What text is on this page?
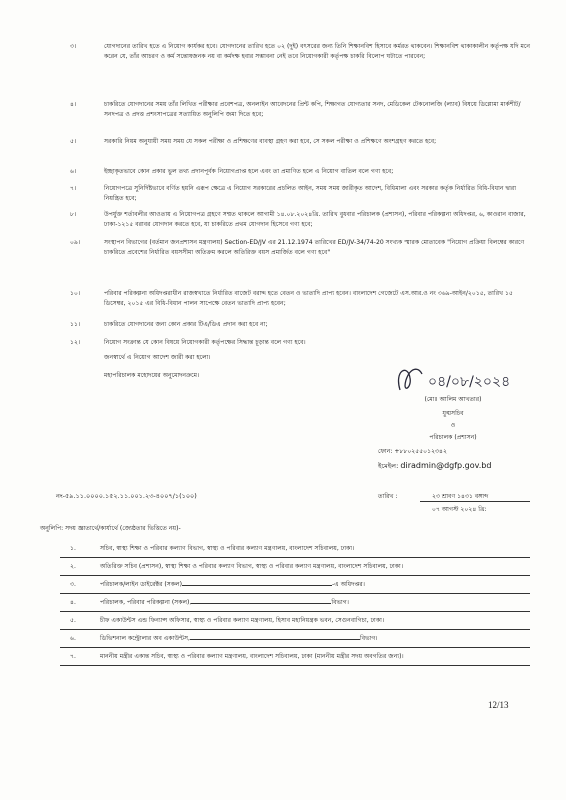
৩।	যোগদানের তারিখ হতে এ নিয়োগ কার্যকর হবে। যোগদানের তারিখ হতে ০২ (দুই) বৎসরের জন্য তিনি শিক্ষানবিশ হিসাবে কর্মরত থাকবেন। শিক্ষানবিশ থাকাকালীন কর্তৃপক্ষ যদি মনে করেন যে, তাঁর আচরণ ও কর্ম সন্তোষজনক নয় বা কর্মদক্ষ হবার সম্ভাবনা নেই তবে নিয়োগকারী কর্তৃপক্ষ চাকরি বিলোপ ঘটাতে পারবেন;
৪।	চাকরিতে যোগদানের সময় তাঁর লিখিত পরীক্ষার প্রবেশপত্র, অনলাইন আবেদনের প্রিন্ট কপি, শিক্ষাগত যোগ্যতার সনদ, মেডিকেল টেকনোলজি (ল্যাব) বিষয়ে ডিপ্লোমা মার্কশীট/সনদপত্র ও প্রদত্ত প্রশংসাপত্রের সত্যায়িত অনুলিপি জমা দিতে হবে;
৫।	সরকারি নিয়ম অনুযায়ী সময় সময় যে সকল পরীক্ষা ও প্রশিক্ষণের ব্যবস্থা গ্রহণ করা হবে, সে সকল পরীক্ষা ও প্রশিক্ষণে অংশগ্রহণ করতে হবে;
৬।	ইচ্ছাকৃতভাবে কোন প্রকার ভুল তথ্য প্রদানপূর্বক নিয়োগপ্রাপ্ত হলে এবং তা প্রমাণিত হলে এ নিয়োগ বাতিল বলে গণ্য হবে;
৭।	নিয়োগপত্রে সুনির্দিষ্টভাবে বর্ণিত হয়নি এরূপ ক্ষেত্রে এ নিয়োগ সরকারের প্রচলিত আইন, সময় সময় জারীকৃত আদেশ, বিধিমালা এবং সরকার কর্তৃক নির্ধারিত বিধি-বিধান দ্বারা নিয়ন্ত্রিত হবে;
৮।	উপর্যুক্ত শর্তাবলীর আওতায় এ নিয়োগপত্র গ্রহণে সম্মত থাকলে আগামী ১৪.০৮.২০২৪খ্রি. তারিখ বুধবার পরিচালক (প্রশাসন), পরিবার পরিকল্পনা অধিদপ্তর, ৬, কাওরান বাজার, ঢাকা-১২১৫ বরাবর যোগদান করতে হবে, যা চাকরিতে প্রথম যোগদান হিসেবে গণ্য হবে;
০৯।	সংস্থাপন বিভাগের (বর্তমান জনপ্রশাসন মন্ত্রণালয়) Section-ED/JV এর 21.12.1974 তারিখের ED/JV-34/74-20 সংখ্যক স্মারক মোতাবেক "নিয়োগ প্রক্রিয়া বিলম্বের কারণে চাকরিতে প্রবেশের নির্ধারিত বয়সসীমা অতিক্রম করলে অতিরিক্ত বয়স প্রমার্জিত বলে গণ্য হবে"
১০।	পরিবার পরিকল্পনা অধিদপ্তরাধীন রাজস্বখাতে নির্ধারিত বাজেট বরাদ্দ হতে বেতন ও ভাতাদি প্রাপ্য হবেন। বাংলাদেশ গেজেটে এস.আর.ও নং ৩৬৯-আইন/২০১৫, তারিখ ১৫ ডিসেম্বর, ২০১৫ এর বিধি-বিধান পালন সাপেক্ষে বেতন ভাতাদি প্রাপ্য হবেন;
১১।	চাকরিতে যোগদানের জন্য কোন প্রকার টিএ/ডিএ প্রদান করা হবে না;
১২।	নিয়োগ সংক্রান্ত যে কোন বিষয়ে নিয়োগকারী কর্তৃপক্ষের সিদ্ধান্ত চূড়ান্ত বলে গণ্য হবে।
জনস্বার্থে এ নিয়োগ আদেশ জারী করা হলো।
মহাপরিচালক মহোদয়ের অনুমোদনক্রমে।	০৪/০৮/২০২৪
(মোঃ আলিম আখতার)
যুগ্মসচিব
ও
পরিচালক (প্রশাসন)
ফোন: +৮৮০২৫৫০১২৩৪২
ইমেইল: diradmin@dgfp.gov.bd
নং-৫৯.১১.০০০০.১৫২.১১.০০১.২৩-৪০০৭/১(১০০)	তারিখ :	২৩ শ্রাবণ ১৪৩১ বঙ্গাব্দ
০৭ আগস্ট ২০২৪ খ্রি:
অনুলিপি: সদয় জ্ঞাতার্থে/কার্যার্থে (জ্যেষ্ঠতার ভিত্তিতে নয়)-
১.	সচিব, স্বাস্থ্য শিক্ষা ও পরিবার কল্যাণ বিভাগ, স্বাস্থ্য ও পরিবার কল্যাণ মন্ত্রণালয়, বাংলাদেশ সচিবালয়, ঢাকা।
২.	অতিরিক্ত সচিব (প্রশাসন), স্বাস্থ্য শিক্ষা ও পরিবার কল্যাণ বিভাগ, স্বাস্থ্য ও পরিবার কল্যাণ মন্ত্রণালয়, বাংলাদেশ সচিবালয়, ঢাকা।
৩.	পরিচালক/লাইন ডাইরেক্টর (সকল)	-এ অধিদপ্তর।
৪.	পরিচালক, পরিবার পরিকল্পনা (সকল),	বিভাগ।
৫.	চীফ একাউন্টস এন্ড ফিন্যান্স অফিসার, স্বাস্থ্য ও পরিবার কল্যাণ মন্ত্রণালয়, হিসাব মহানিয়ন্ত্রক ভবন, সেগুনবাগিচা, ঢাকা।
৬.	ডিভিশনাল কন্ট্রোলার অব একাউন্টস,	বিভাগ।
৭.	মাননীয় মন্ত্রীর একান্ত সচিব, স্বাস্থ্য ও পরিবার কল্যাণ মন্ত্রণালয়, বাংলাদেশ সচিবালয়, ঢাকা (মাননীয় মন্ত্রীর সদয় অবগতির জন্য)।
12/13
